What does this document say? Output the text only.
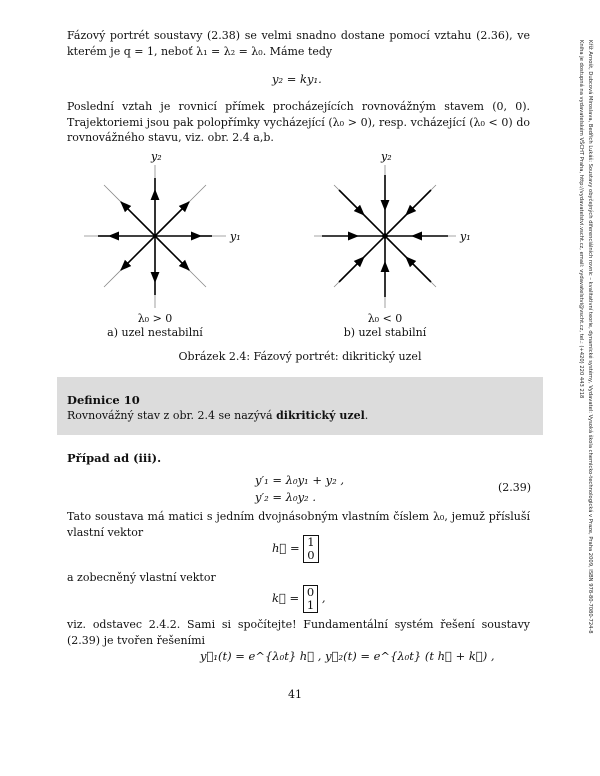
Fázový portrét soustavy (2.38) se velmi snadno dostane pomocí vztahu (2.36), ve kterém je q = 1, neboť λ₁ = λ₂ = λ₀. Máme tedy

y₂ = ky₁.

Poslední vztah je rovnicí přímek procházejících rovnovážným stavem (0, 0). Trajektoriemi jsou pak polopřímky vycházející (λ₀ > 0), resp. vcházející (λ₀ < 0) do rovnovážného stavu, viz. obr. 2.4 a,b.

y₂
y₁
y₂
y₁
λ₀ > 0
a) uzel nestabilní
λ₀ < 0
b) uzel stabilní
Obrázek 2.4: Fázový portrét: dikritický uzel
Definice 10
Rovnovážný stav z obr. 2.4 se nazývá dikritický uzel.
Případ ad (iii).
y′₁ = λ₀y₁ + y₂ ,
y′₂ = λ₀y₂ .
(2.39)

Tato soustava má matici s jedním dvojnásobným vlastním číslem λ₀, jemuž přísluší vlastní vektor

h⃗ = 1
0

a zobecněný vlastní vektor

k⃗ = 0
1 ,

viz. odstavec 2.4.2. Sami si spočítejte! Fundamentální systém řešení soustavy (2.39) je tvořen řešeními

y⃗₁(t) = e^{λ₀t} h⃗ , y⃗₂(t) = e^{λ₀t} (t h⃗ + k⃗) ,
41
Kříž Arnošt, Dubcová Miroslava, Bedřich Lukáš: Soustavy obyčejných diferenciálních rovnic – kvalitativní teorie, dynamické systémy, Vydavatel: Vysoká škola chemicko-technologická v Praze, Praha 2009, ISBN 978-80-7080-724-8
Kniha je dostupná na vydavatelském VŠCHT Praha, http://vydavatelstvi.vscht.cz, email: vydavatelstvi@vscht.cz, tel.: (+420) 220 443 218
